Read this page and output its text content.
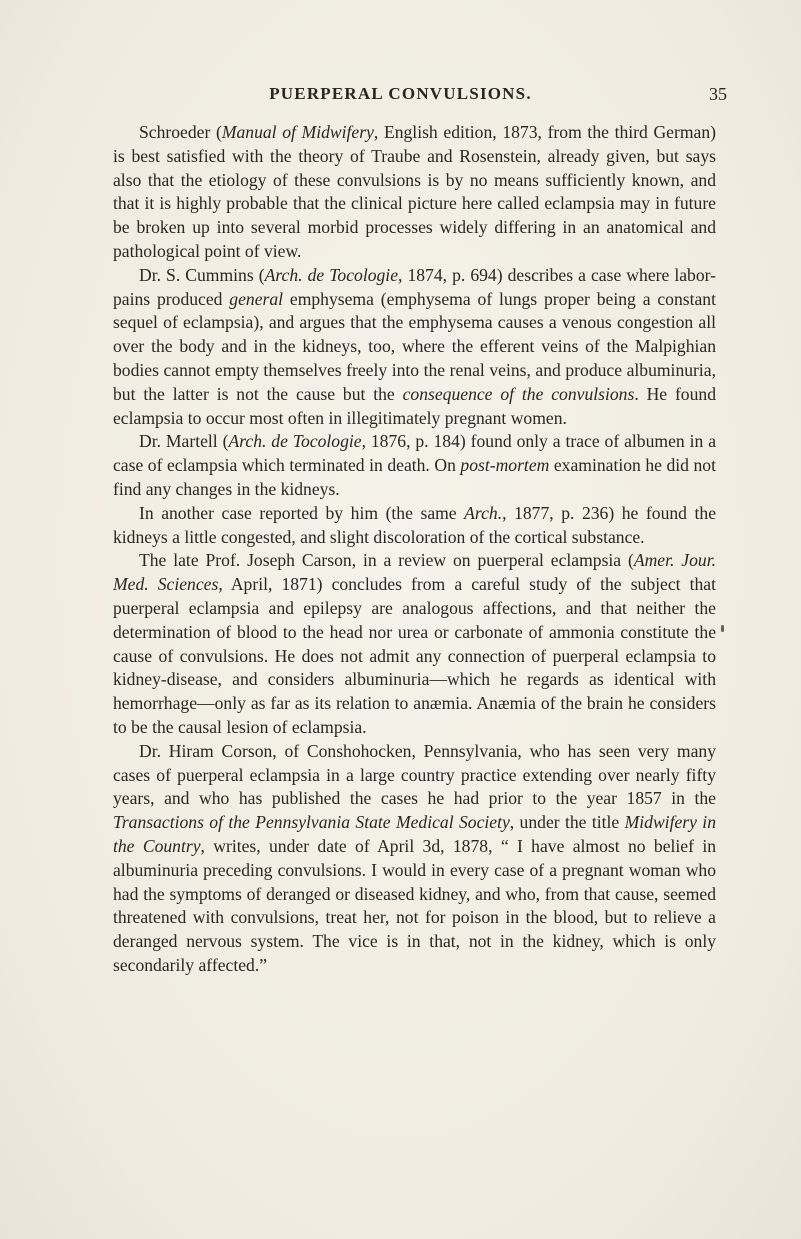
PUERPERAL CONVULSIONS.	35

Schroeder (Manual of Midwifery, English edition, 1873, from the third German) is best satisfied with the theory of Traube and Rosenstein, already given, but says also that the etiology of these convulsions is by no means sufficiently known, and that it is highly probable that the clinical picture here called eclampsia may in future be broken up into several morbid processes widely differing in an anatomical and pathological point of view.

Dr. S. Cummins (Arch. de Tocologie, 1874, p. 694) describes a case where labor-pains produced general emphysema (emphysema of lungs proper being a constant sequel of eclampsia), and argues that the emphysema causes a venous congestion all over the body and in the kidneys, too, where the efferent veins of the Malpighian bodies cannot empty themselves freely into the renal veins, and produce albuminuria, but the latter is not the cause but the consequence of the convulsions. He found eclampsia to occur most often in illegitimately pregnant women.

Dr. Martell (Arch. de Tocologie, 1876, p. 184) found only a trace of albumen in a case of eclampsia which terminated in death. On post-mortem examination he did not find any changes in the kidneys.

In another case reported by him (the same Arch., 1877, p. 236) he found the kidneys a little congested, and slight discoloration of the cortical substance.

The late Prof. Joseph Carson, in a review on puerperal eclampsia (Amer. Jour. Med. Sciences, April, 1871) concludes from a careful study of the subject that puerperal eclampsia and epilepsy are analogous affections, and that neither the determination of blood to the head nor urea or carbonate of ammonia constitute the cause of convulsions. He does not admit any connection of puerperal eclampsia to kidney-disease, and considers albuminuria—which he regards as identical with hemorrhage—only as far as its relation to anæmia. Anæmia of the brain he considers to be the causal lesion of eclampsia.

Dr. Hiram Corson, of Conshohocken, Pennsylvania, who has seen very many cases of puerperal eclampsia in a large country practice extending over nearly fifty years, and who has published the cases he had prior to the year 1857 in the Transactions of the Pennsylvania State Medical Society, under the title Midwifery in the Country, writes, under date of April 3d, 1878, “ I have almost no belief in albuminuria preceding convulsions. I would in every case of a pregnant woman who had the symptoms of deranged or diseased kidney, and who, from that cause, seemed threatened with convulsions, treat her, not for poison in the blood, but to relieve a deranged nervous system. The vice is in that, not in the kidney, which is only secondarily affected.”
